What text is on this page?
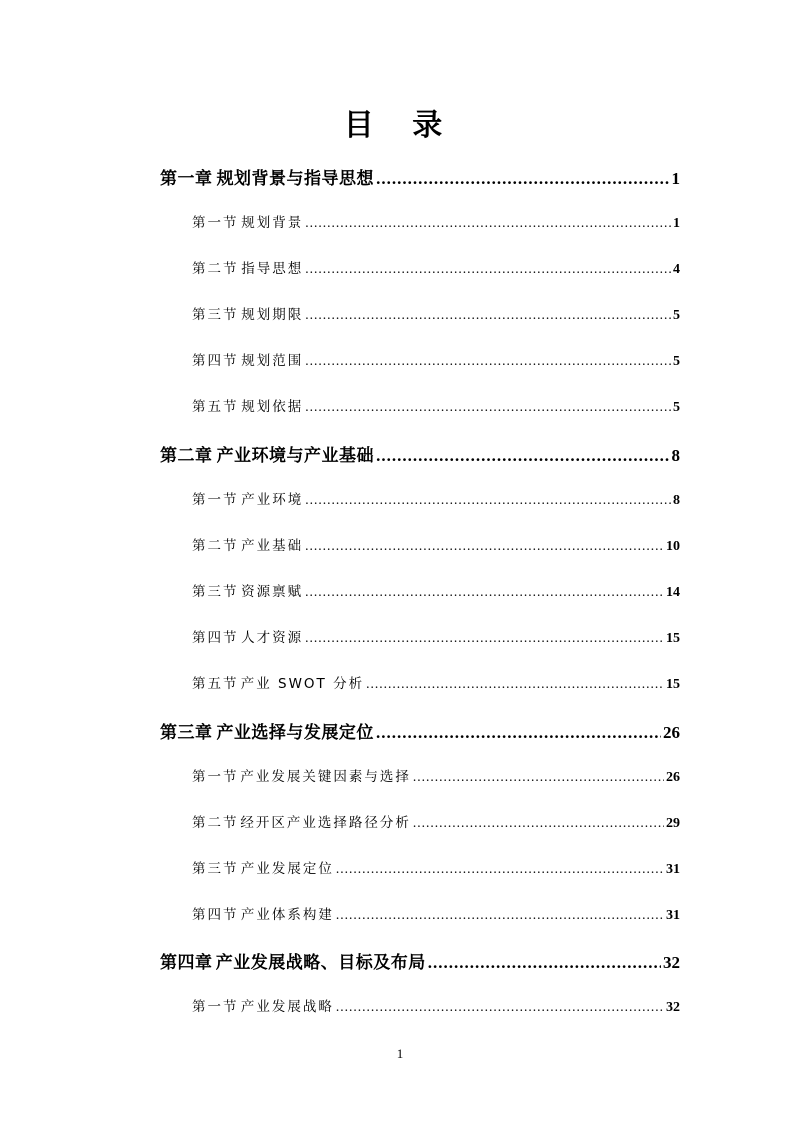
目 录
第一章 规划背景与指导思想 .....	1
第一节 规划背景 .....	1
第二节 指导思想 .....	4
第三节 规划期限 .....	5
第四节 规划范围 .....	5
第五节 规划依据 .....	5
第二章 产业环境与产业基础 .....	8
第一节 产业环境 .....	8
第二节 产业基础 .....	10
第三节 资源禀赋 .....	14
第四节 人才资源 .....	15
第五节 产业 SWOT 分析 .....	15
第三章 产业选择与发展定位 .....	26
第一节 产业发展关键因素与选择 .....	26
第二节 经开区产业选择路径分析 .....	29
第三节 产业发展定位 .....	31
第四节 产业体系构建 .....	31
第四章 产业发展战略、目标及布局 .....	32
第一节 产业发展战略 .....	32
1
